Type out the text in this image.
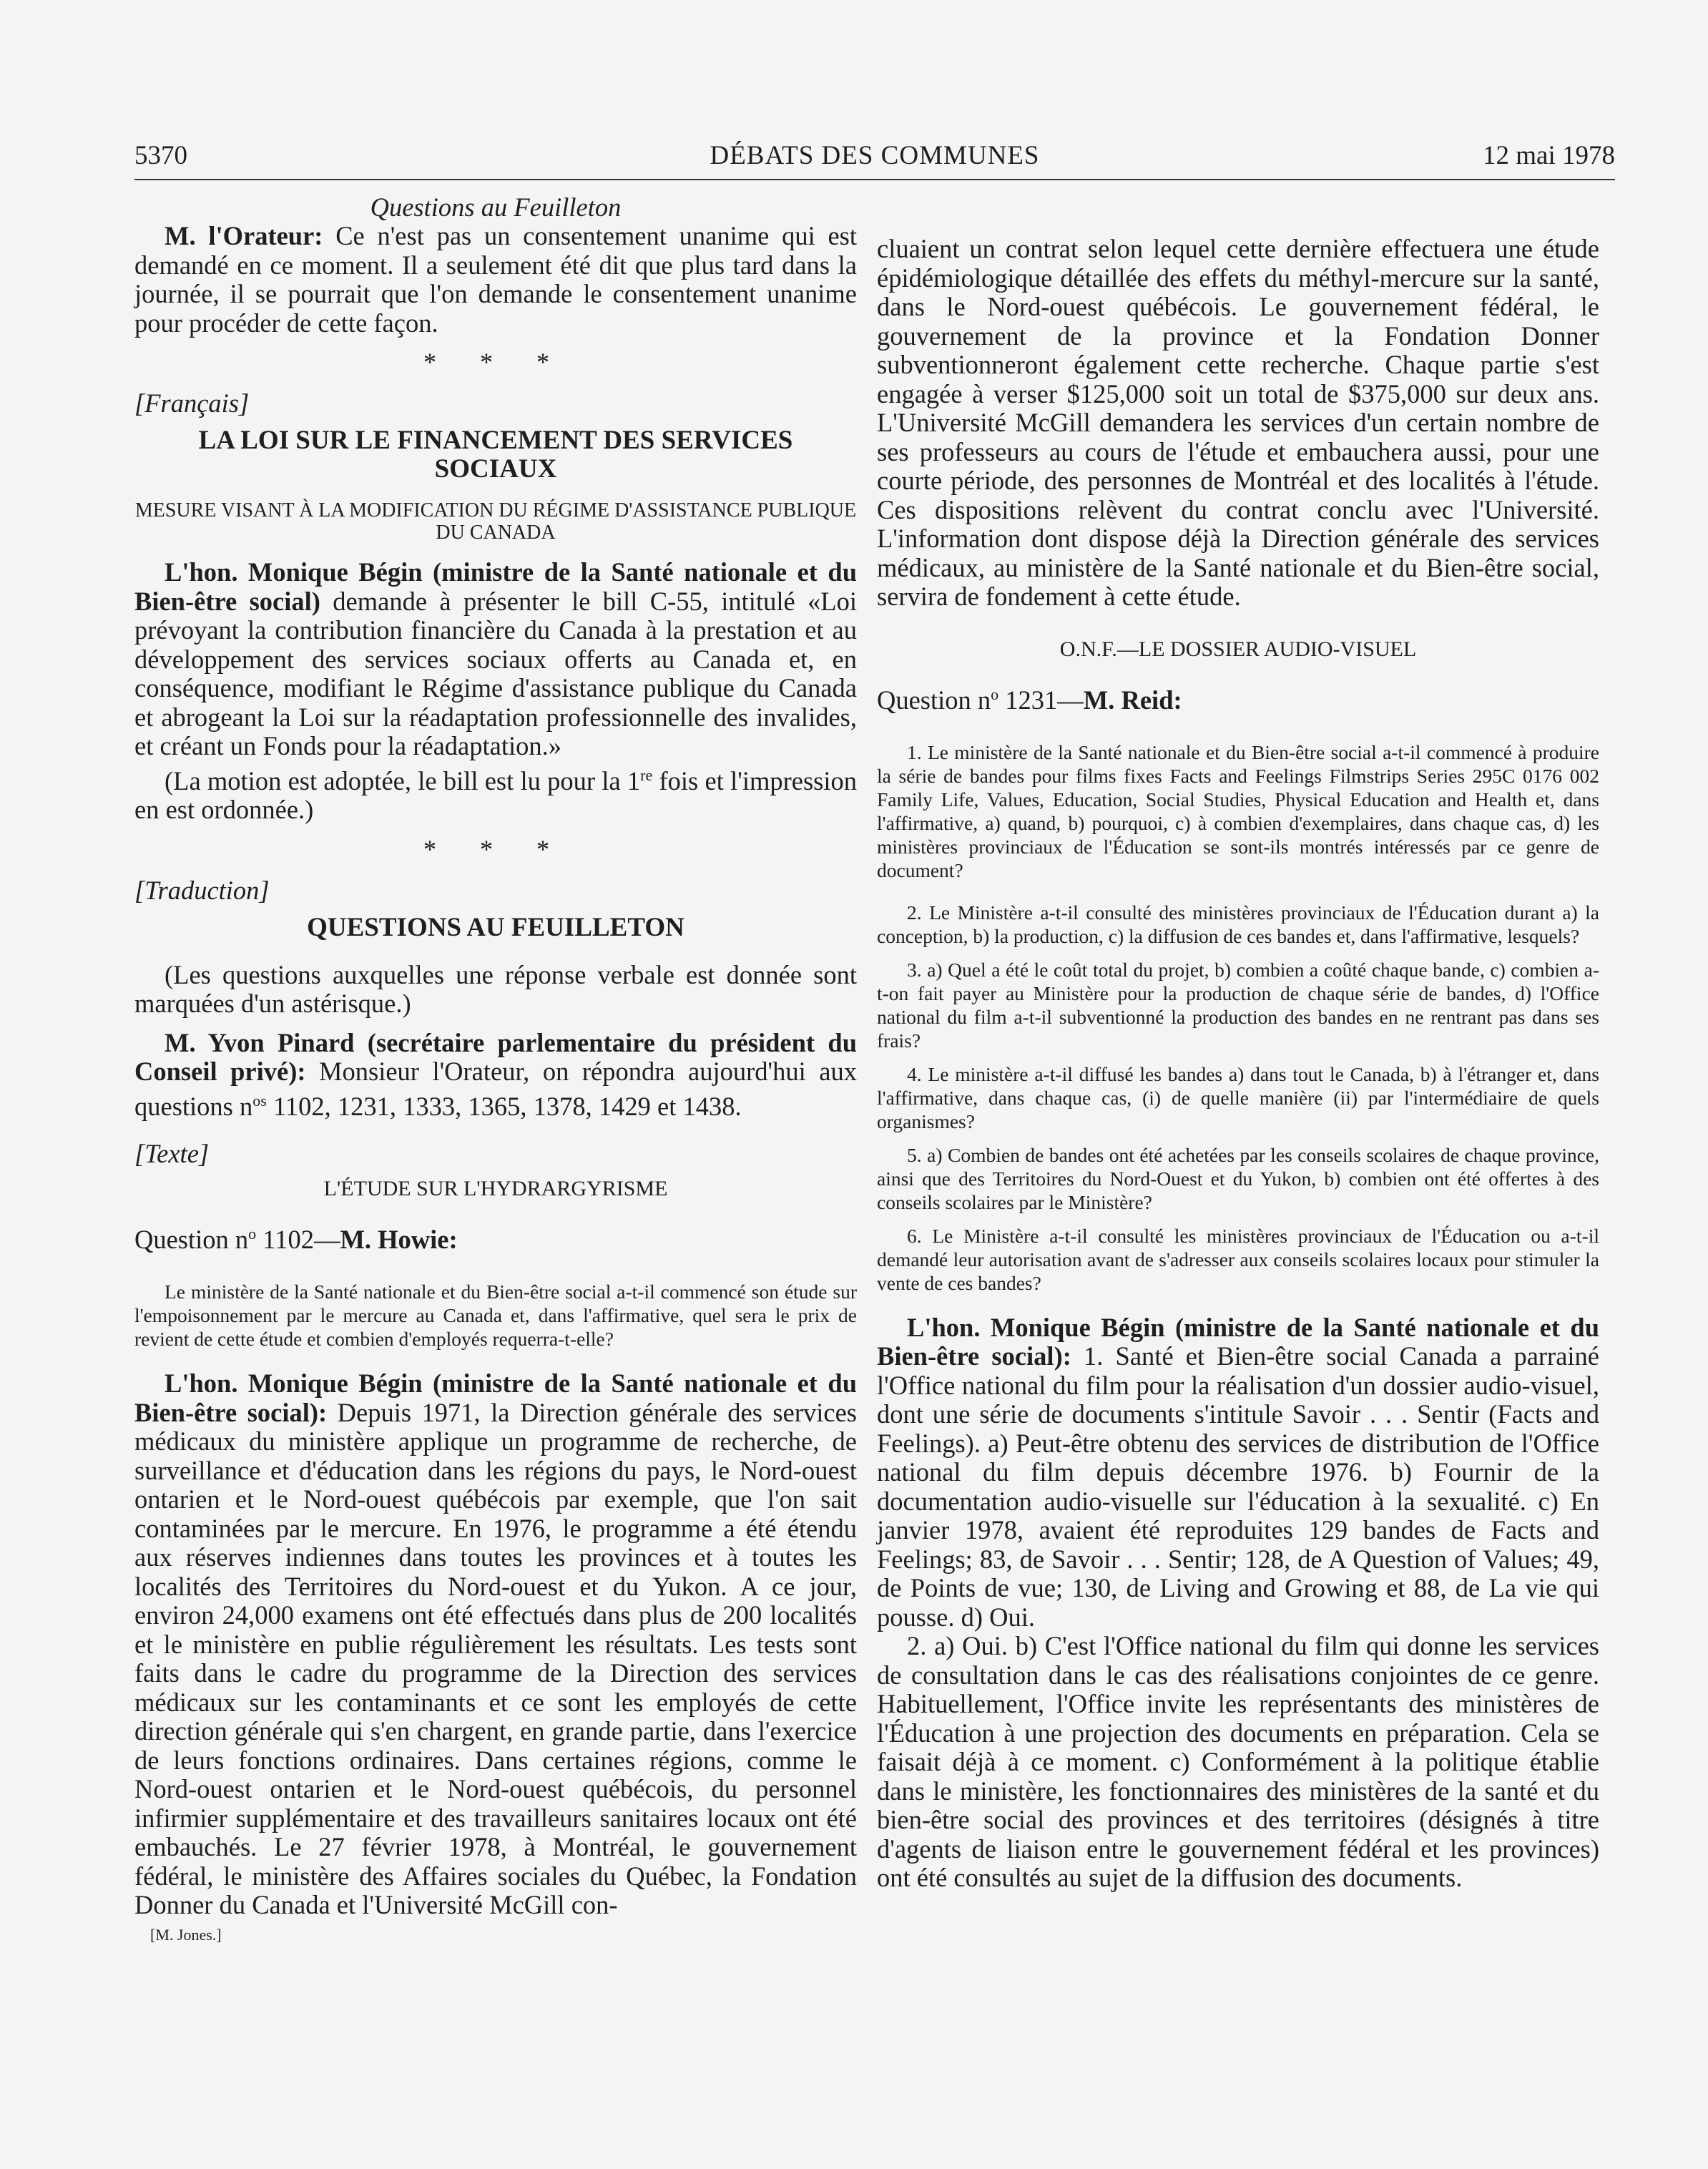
5370	DÉBATS DES COMMUNES	12 mai 1978
Questions au Feuilleton

M. l'Orateur: Ce n'est pas un consentement unanime qui est demandé en ce moment. Il a seulement été dit que plus tard dans la journée, il se pourrait que l'on demande le consentement unanime pour procéder de cette façon.

* * *
[Français]
LA LOI SUR LE FINANCEMENT DES SERVICES SOCIAUX
MESURE VISANT À LA MODIFICATION DU RÉGIME D'ASSISTANCE PUBLIQUE DU CANADA

L'hon. Monique Bégin (ministre de la Santé nationale et du Bien-être social) demande à présenter le bill C-55, intitulé «Loi prévoyant la contribution financière du Canada à la prestation et au développement des services sociaux offerts au Canada et, en conséquence, modifiant le Régime d'assistance publique du Canada et abrogeant la Loi sur la réadaptation professionnelle des invalides, et créant un Fonds pour la réadaptation.»

(La motion est adoptée, le bill est lu pour la 1re fois et l'impression en est ordonnée.)

* * *
[Traduction]
QUESTIONS AU FEUILLETON

(Les questions auxquelles une réponse verbale est donnée sont marquées d'un astérisque.)

M. Yvon Pinard (secrétaire parlementaire du président du Conseil privé): Monsieur l'Orateur, on répondra aujourd'hui aux questions $n^{os}$ 1102, 1231, 1333, 1365, 1378, 1429 et 1438.

[Texte]
L'ÉTUDE SUR L'HYDRARGYRISME

Question $n^o$ 1102—M. Howie:

Le ministère de la Santé nationale et du Bien-être social a-t-il commencé son étude sur l'empoisonnement par le mercure au Canada et, dans l'affirmative, quel sera le prix de revient de cette étude et combien d'employés requerra-t-elle?

L'hon. Monique Bégin (ministre de la Santé nationale et du Bien-être social): Depuis 1971, la Direction générale des services médicaux du ministère applique un programme de recherche, de surveillance et d'éducation dans les régions du pays, le Nord-ouest ontarien et le Nord-ouest québécois par exemple, que l'on sait contaminées par le mercure. En 1976, le programme a été étendu aux réserves indiennes dans toutes les provinces et à toutes les localités des Territoires du Nord-ouest et du Yukon. A ce jour, environ 24,000 examens ont été effectués dans plus de 200 localités et le ministère en publie régulièrement les résultats. Les tests sont faits dans le cadre du programme de la Direction des services médicaux sur les contaminants et ce sont les employés de cette direction générale qui s'en chargent, en grande partie, dans l'exercice de leurs fonctions ordinaires. Dans certaines régions, comme le Nord-ouest ontarien et le Nord-ouest québécois, du personnel infirmier supplémentaire et des travailleurs sanitaires locaux ont été embauchés. Le 27 février 1978, à Montréal, le gouvernement fédéral, le ministère des Affaires sociales du Québec, la Fondation Donner du Canada et l'Université McGill con-

[M. Jones.]

cluaient un contrat selon lequel cette dernière effectuera une étude épidémiologique détaillée des effets du méthyl-mercure sur la santé, dans le Nord-ouest québécois. Le gouvernement fédéral, le gouvernement de la province et la Fondation Donner subventionneront également cette recherche. Chaque partie s'est engagée à verser $125,000 soit un total de $375,000 sur deux ans. L'Université McGill demandera les services d'un certain nombre de ses professeurs au cours de l'étude et embauchera aussi, pour une courte période, des personnes de Montréal et des localités à l'étude. Ces dispositions relèvent du contrat conclu avec l'Université. L'information dont dispose déjà la Direction générale des services médicaux, au ministère de la Santé nationale et du Bien-être social, servira de fondement à cette étude.

O.N.F.—LE DOSSIER AUDIO-VISUEL

Question $n^o$ 1231—M. Reid:

1. Le ministère de la Santé nationale et du Bien-être social a-t-il commencé à produire la série de bandes pour films fixes Facts and Feelings Filmstrips Series 295C 0176 002 Family Life, Values, Education, Social Studies, Physical Education and Health et, dans l'affirmative, a) quand, b) pourquoi, c) à combien d'exemplaires, dans chaque cas, d) les ministères provinciaux de l'Éducation se sont-ils montrés intéressés par ce genre de document?

2. Le Ministère a-t-il consulté des ministères provinciaux de l'Éducation durant a) la conception, b) la production, c) la diffusion de ces bandes et, dans l'affirmative, lesquels?

3. a) Quel a été le coût total du projet, b) combien a coûté chaque bande, c) combien a-t-on fait payer au Ministère pour la production de chaque série de bandes, d) l'Office national du film a-t-il subventionné la production des bandes en ne rentrant pas dans ses frais?

4. Le ministère a-t-il diffusé les bandes a) dans tout le Canada, b) à l'étranger et, dans l'affirmative, dans chaque cas, (i) de quelle manière (ii) par l'intermédiaire de quels organismes?

5. a) Combien de bandes ont été achetées par les conseils scolaires de chaque province, ainsi que des Territoires du Nord-Ouest et du Yukon, b) combien ont été offertes à des conseils scolaires par le Ministère?

6. Le Ministère a-t-il consulté les ministères provinciaux de l'Éducation ou a-t-il demandé leur autorisation avant de s'adresser aux conseils scolaires locaux pour stimuler la vente de ces bandes?

L'hon. Monique Bégin (ministre de la Santé nationale et du Bien-être social): 1. Santé et Bien-être social Canada a parrainé l'Office national du film pour la réalisation d'un dossier audio-visuel, dont une série de documents s'intitule Savoir . . . Sentir (Facts and Feelings). a) Peut-être obtenu des services de distribution de l'Office national du film depuis décembre 1976. b) Fournir de la documentation audio-visuelle sur l'éducation à la sexualité. c) En janvier 1978, avaient été reproduites 129 bandes de Facts and Feelings; 83, de Savoir . . . Sentir; 128, de A Question of Values; 49, de Points de vue; 130, de Living and Growing et 88, de La vie qui pousse. d) Oui.

2. a) Oui. b) C'est l'Office national du film qui donne les services de consultation dans le cas des réalisations conjointes de ce genre. Habituellement, l'Office invite les représentants des ministères de l'Éducation à une projection des documents en préparation. Cela se faisait déjà à ce moment. c) Conformément à la politique établie dans le ministère, les fonctionnaires des ministères de la santé et du bien-être social des provinces et des territoires (désignés à titre d'agents de liaison entre le gouvernement fédéral et les provinces) ont été consultés au sujet de la diffusion des documents.
